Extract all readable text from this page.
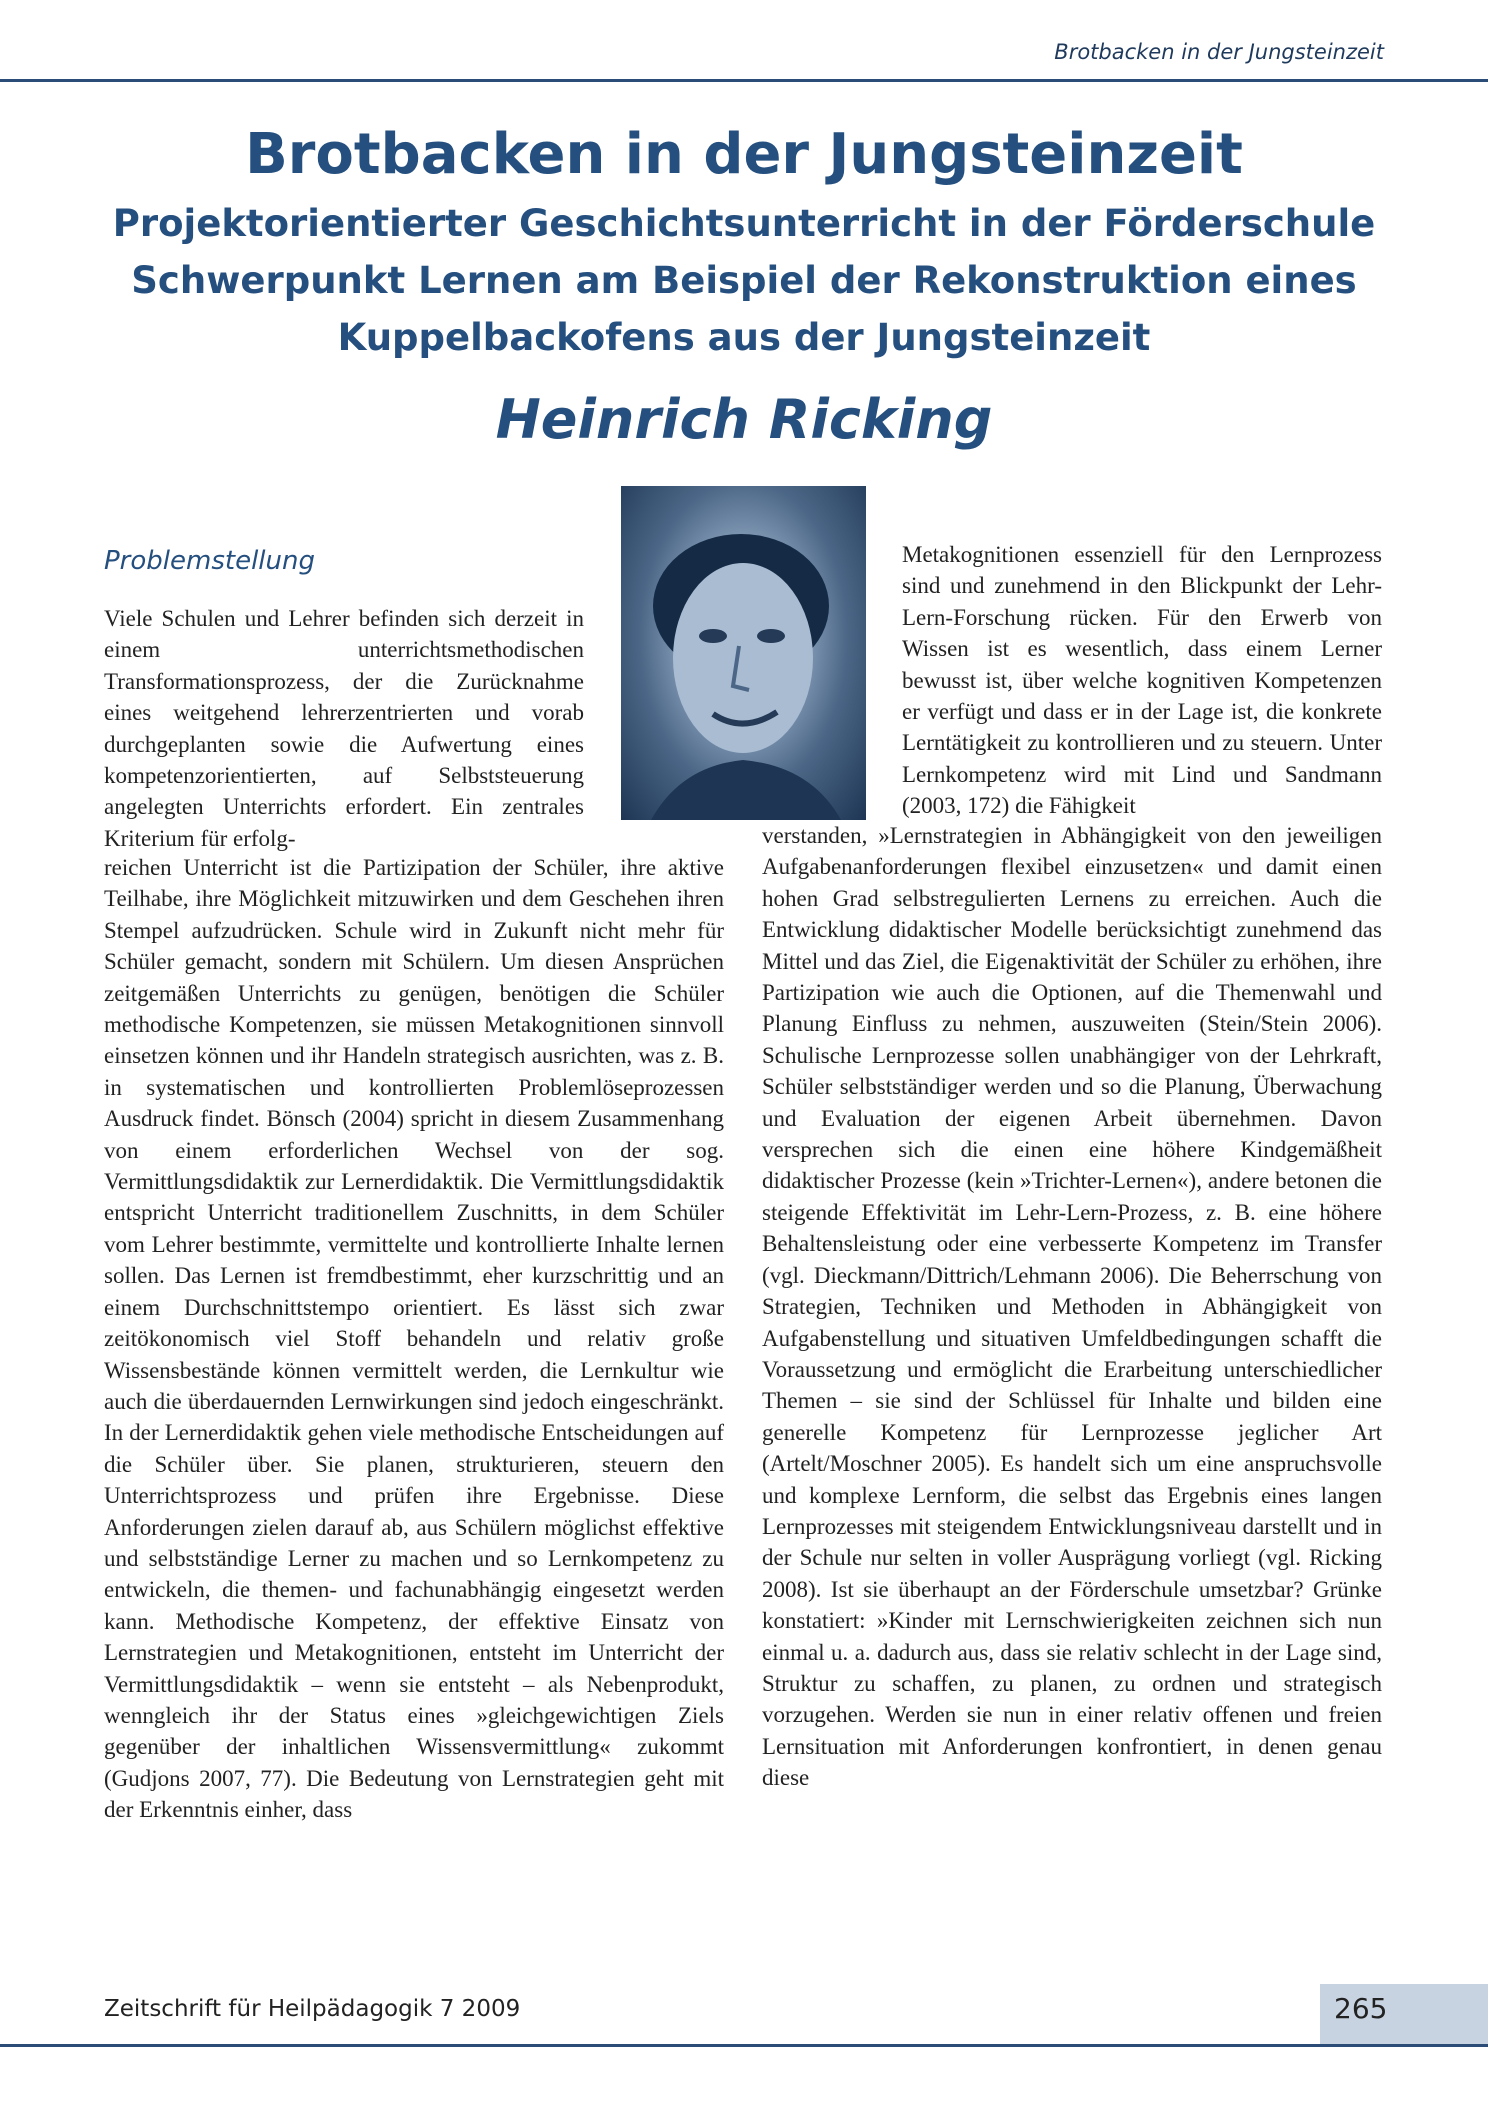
Brotbacken in der Jungsteinzeit
Brotbacken in der Jungsteinzeit
Projektorientierter Geschichtsunterricht in der Förderschule
Schwerpunkt Lernen am Beispiel der Rekonstruktion eines
Kuppelbackofens aus der Jungsteinzeit
Heinrich Ricking
Problemstellung

Viele Schulen und Lehrer befinden sich derzeit in einem unterrichtsmethodischen Transformationsprozess, der die Zurücknahme eines weitgehend lehrerzentrierten und vorab durchgeplanten sowie die Aufwertung eines kompetenzorientierten, auf Selbststeuerung angelegten Unterrichts erfordert. Ein zentrales Kriterium für erfolg-

reichen Unterricht ist die Partizipation der Schüler, ihre aktive Teilhabe, ihre Möglichkeit mitzuwirken und dem Geschehen ihren Stempel aufzudrücken. Schule wird in Zukunft nicht mehr für Schüler gemacht, sondern mit Schülern. Um diesen Ansprüchen zeitgemäßen Unterrichts zu genügen, benötigen die Schüler methodische Kompetenzen, sie müssen Metakognitionen sinnvoll einsetzen können und ihr Handeln strategisch ausrichten, was z. B. in systematischen und kontrollierten Problemlöseprozessen Ausdruck findet. Bönsch (2004) spricht in diesem Zusammenhang von einem erforderlichen Wechsel von der sog. Vermittlungsdidaktik zur Lernerdidaktik. Die Vermittlungsdidaktik entspricht Unterricht traditionellem Zuschnitts, in dem Schüler vom Lehrer bestimmte, vermittelte und kontrollierte Inhalte lernen sollen. Das Lernen ist fremdbestimmt, eher kurzschrittig und an einem Durchschnittstempo orientiert. Es lässt sich zwar zeitökonomisch viel Stoff behandeln und relativ große Wissensbestände können vermittelt werden, die Lernkultur wie auch die überdauernden Lernwirkungen sind jedoch eingeschränkt. In der Lernerdidaktik gehen viele methodische Entscheidungen auf die Schüler über. Sie planen, strukturieren, steuern den Unterrichtsprozess und prüfen ihre Ergebnisse. Diese Anforderungen zielen darauf ab, aus Schülern möglichst effektive und selbstständige Lerner zu machen und so Lernkompetenz zu entwickeln, die themen- und fachunabhängig eingesetzt werden kann. Methodische Kompetenz, der effektive Einsatz von Lernstrategien und Metakognitionen, entsteht im Unterricht der Vermittlungsdidaktik – wenn sie entsteht – als Nebenprodukt, wenngleich ihr der Status eines »gleichgewichtigen Ziels gegenüber der inhaltlichen Wissensvermittlung« zukommt (Gudjons 2007, 77). Die Bedeutung von Lernstrategien geht mit der Erkenntnis einher, dass

Metakognitionen essenziell für den Lernprozess sind und zunehmend in den Blickpunkt der Lehr-Lern-Forschung rücken. Für den Erwerb von Wissen ist es wesentlich, dass einem Lerner bewusst ist, über welche kognitiven Kompetenzen er verfügt und dass er in der Lage ist, die konkrete Lerntätigkeit zu kontrollieren und zu steuern. Unter Lernkompetenz wird mit Lind und Sandmann (2003, 172) die Fähigkeit

verstanden, »Lernstrategien in Abhängigkeit von den jeweiligen Aufgabenanforderungen flexibel einzusetzen« und damit einen hohen Grad selbstregulierten Lernens zu erreichen. Auch die Entwicklung didaktischer Modelle berücksichtigt zunehmend das Mittel und das Ziel, die Eigenaktivität der Schüler zu erhöhen, ihre Partizipation wie auch die Optionen, auf die Themenwahl und Planung Einfluss zu nehmen, auszuweiten (Stein/Stein 2006). Schulische Lernprozesse sollen unabhängiger von der Lehrkraft, Schüler selbstständiger werden und so die Planung, Überwachung und Evaluation der eigenen Arbeit übernehmen. Davon versprechen sich die einen eine höhere Kindgemäßheit didaktischer Prozesse (kein »Trichter-Lernen«), andere betonen die steigende Effektivität im Lehr-Lern-Prozess, z. B. eine höhere Behaltensleistung oder eine verbesserte Kompetenz im Transfer (vgl. Dieckmann/Dittrich/Lehmann 2006). Die Beherrschung von Strategien, Techniken und Methoden in Abhängigkeit von Aufgabenstellung und situativen Umfeldbedingungen schafft die Voraussetzung und ermöglicht die Erarbeitung unterschiedlicher Themen – sie sind der Schlüssel für Inhalte und bilden eine generelle Kompetenz für Lernprozesse jeglicher Art (Artelt/Moschner 2005). Es handelt sich um eine anspruchsvolle und komplexe Lernform, die selbst das Ergebnis eines langen Lernprozesses mit steigendem Entwicklungsniveau darstellt und in der Schule nur selten in voller Ausprägung vorliegt (vgl. Ricking 2008). Ist sie überhaupt an der Förderschule umsetzbar? Grünke konstatiert: »Kinder mit Lernschwierigkeiten zeichnen sich nun einmal u. a. dadurch aus, dass sie relativ schlecht in der Lage sind, Struktur zu schaffen, zu planen, zu ordnen und strategisch vorzugehen. Werden sie nun in einer relativ offenen und freien Lernsituation mit Anforderungen konfrontiert, in denen genau diese

Zeitschrift für Heilpädagogik 7 2009	265
